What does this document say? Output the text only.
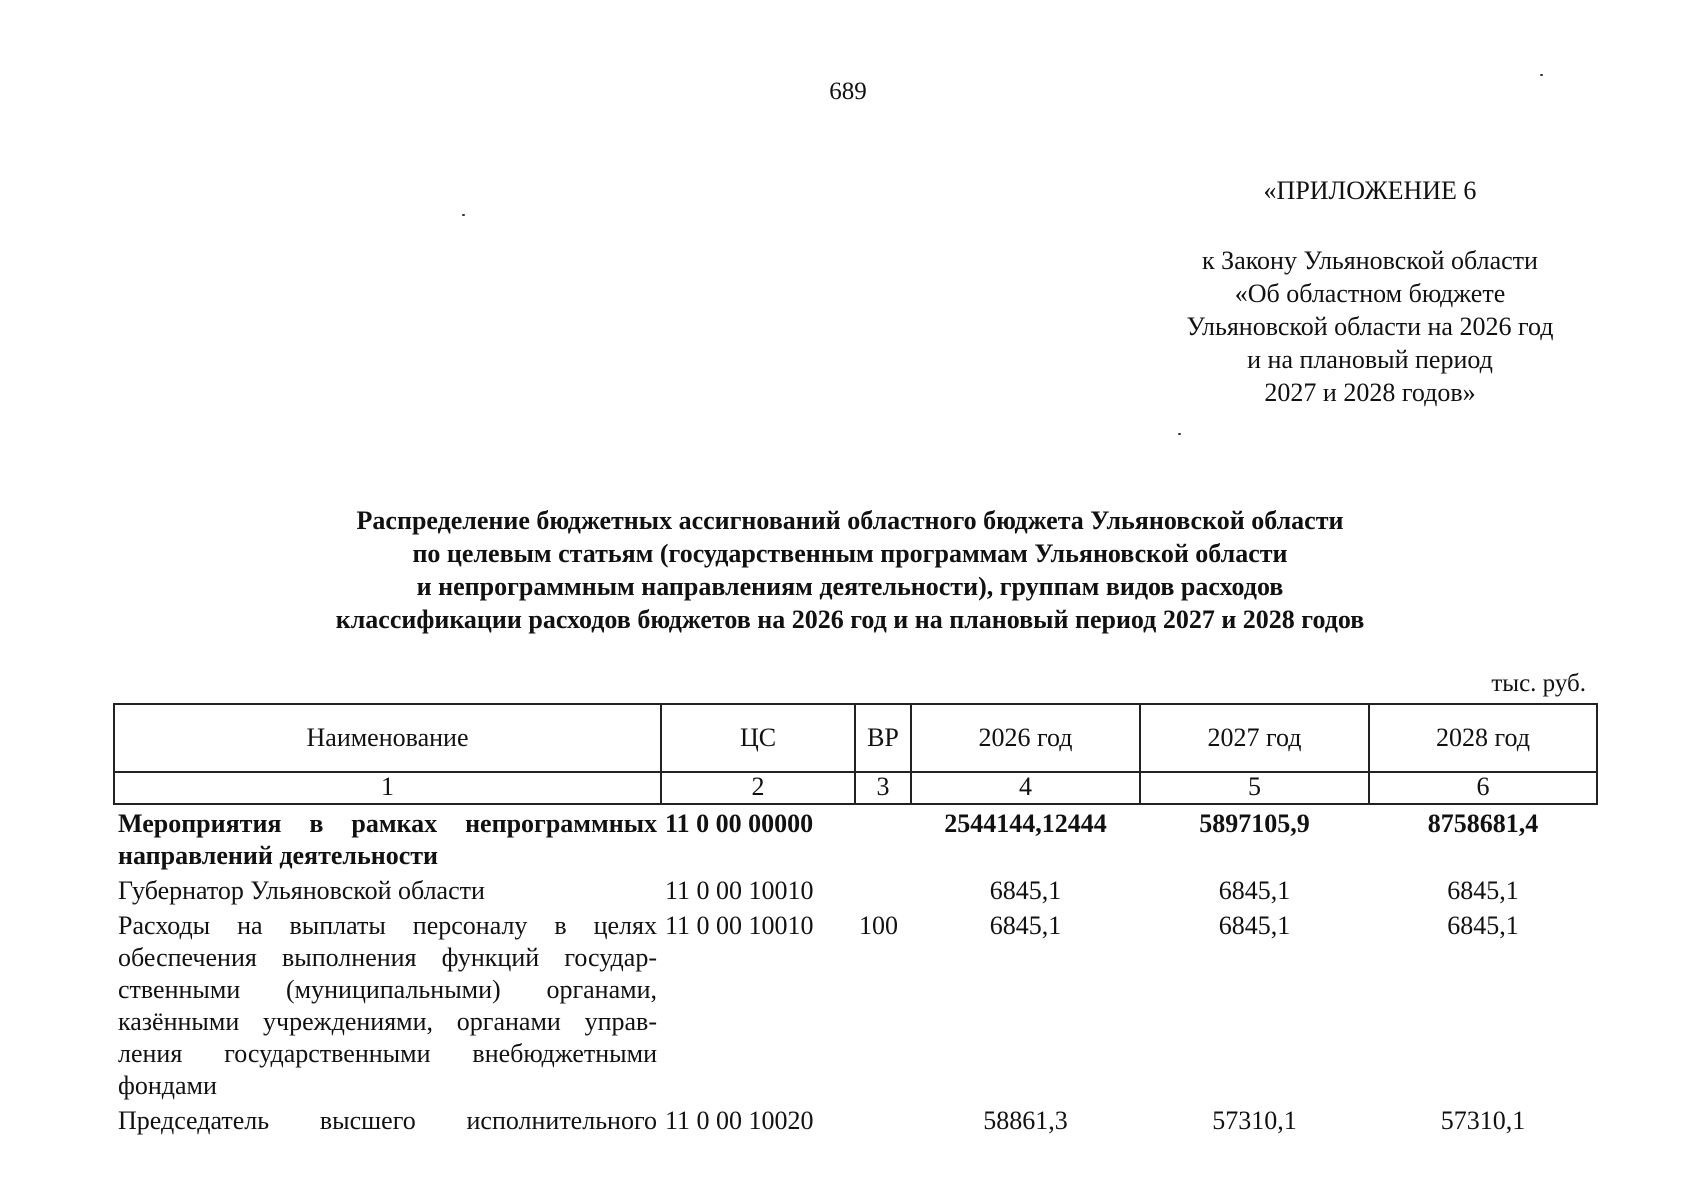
689
«ПРИЛОЖЕНИЕ 6
к Закону Ульяновской области
«Об областном бюджете
Ульяновской области на 2026 год
и на плановый период
2027 и 2028 годов»
Распределение бюджетных ассигнований областного бюджета Ульяновской области
по целевым статьям (государственным программам Ульяновской области
и непрограммным направлениям деятельности), группам видов расходов
классификации расходов бюджетов на 2026 год и на плановый период 2027 и 2028 годов
тыс. руб.
Наименование	ЦС	ВР	2026 год	2027 год	2028 год
1	2	3	4	5	6
Мероприятия в рамках непрограммных направлений деятельности	11 0 00 00000		2544144,12444	5897105,9	8758681,4
Губернатор Ульяновской области	11 0 00 10010		6845,1	6845,1	6845,1
Расходы на выплаты персоналу в целях обеспечения выполнения функций государственными (муниципальными) органами, казёнными учреждениями, органами управления государственными внебюджетными фондами	11 0 00 10010	100	6845,1	6845,1	6845,1
Председатель высшего исполнительного	11 0 00 10020		58861,3	57310,1	57310,1
